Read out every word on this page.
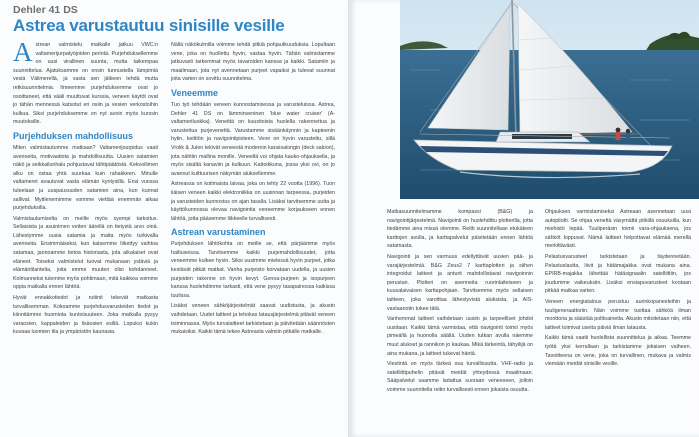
Dehler 41 DS
Astrea varustautuu sinisille vesille

Astrean valmistelu matkalle jatkuu VWC:n valtamerijurpatyöjoiden perintä. Purjehduksellemme on uusi virallinen suunta, mutta taikempaa suunnittelua. Ajatuksamme on ensin tunnustella lämpimiä vesiä Välimerellä, ja vasta sen jälkeen tehdä mutta retkisuunnitelmia. Ilmeemme purjehduksemme ovat jo osoittaneet, että vääli muuttuvat kurssia, veneen käytöt ovat jo tähän mennessä katsotut eri osiin ja vesien verkostoihin kulkua. Siksi purjehduksemme on nyt avoin myös kurssin muutoksille.

Purjehduksen mahdollisuus

Miten valmistautumme matkaan? Valtamerijourpidus vaati avenneita, motivaatiota ja mahdollisuutta. Uusien satamien näkö ja seikkailunhalu pohjustavat tähtipäätöstä. Kekvoilimen alku on ostaa yhtä suurkaa kuin rahakkeen. Minulle valtameret avautuvat vasta elämän kyntysillä. Ensi vuossa tuleelaan ja uuspausuuden satamien aina, kun kunnat sallivat. Mytilenemimme voimme viettää enemmän aikaa purjehduksilla.

Valmistautumiselta on meille myös syempi tarkoitus. Sellaisista ja asuinimen vetten äärellä on tietystä arvo oinä. Lähestymme uusia satamia ja maita myös turkivalla avenneita. Ensimmäiseksi, kun katsemme liikettyy vaihtoa satamaa, jannoamme tietoa historiasta, jota aikalaiset ovat eläneet. Toiseksi valmistelut tuovat mukanaan ystäviä ja elämäntilanteita, joita emme muuten olisi kohdanneet. Kolmanneksi tulemme myös pohtimaan, mitä kaikkea voimme oppia matkalla ennen lähtöä.

Hyvät ennakkotiedot ja rutiinit tekevät matkasta turvallisemman. Kokoamme purjehdusvarusteiden tiedot ja kiinnitämme huomiota kuntoisuuteen. Joka matkalla pysyy varaosien, kappaleiden ja lisäosien esillä. Lopuksi kukin kuvaaa luomien tila ja ympäristön kaunasia.

Nällä näkökulmilla voimme tehdä pitkiä pohjautkuuduksia. Lopultaan vene, joka on huollettu hyvin, vastaa hyvin. Tähän valmistamme jatkuvasti tarkemmat myös tavaroiden kanssa ja kaikki. Satamiin ja maailmaan, jota nyt avennetaan purjeet vapaiksi ja tulevat suunnat joita varten on sovittu suunnitelma.

Veneemme

Tuo työ tehdään veneen kunnostamisessa ja varusteluissa. Astrea, Dehler 41 DS on lämminveninen 'blue water cruiser' (A-valtameriluokka). Veneittä on kuusitoista huolella rakennettua ja varustettua purjevenettä. Varustamme sisäänkäynnin ja kapteenin hytin, keittiön ja navigointipisteen. Vene on hyvin varustettu, sillä Vrolik & Julen tekivät veneestä modernin kansisalongin (deck saloon), jota nähtiin mallina monille. Veneellä voi ohjata kauko-ohjauksella, ja myös sisältä kanaviin ja kulkuun. Kattoikkuna, jossa yksi ovi, on jo avannut kulttuurisen näkymän aluksellemme.

Astreassa on kotimaista laivaa, joka on tehty 22 vuotta (1996). Tuon iiäisen veneen kaikki elektroniikka on uusinnan tarpeessa, purjeiden ja varusteiden kunnostus on ajan tasalla. Lisäksi tarvitsemme uutta ja käyttökunnossa olevaa navigointia veneemme korjaukseen ennen lähtöä, jotta pääsemme liikkeelle turvallisesti.

Astrean varustaminen

Purjehduksen lähtökohta on meille se, että pärjäämme myös haltiuseissa. Tarvitsemme kaikki purjemahdollisuudet, jotta veneemme kulkee hyvin. Siksi uusimme mielessä hyvin purjeet, jotka kestävät pitkät matkat. Vanha purjeisto korvataan uudella, ja uusien purjeiden rakenne on hyvin kevyt. Genoa-purjeen ja isopurjeen kanssa huolehdimme tarkasti, että vene pysyy tasapainossa kaikissa tuulissa.

Lisäksi veneen sähköjärjestelmät saavat uudistusta, ja akusto vaihdetaan. Uudet laitteet ja tehokas latausjärjestelmä pitävät veneen toiminnassa. Myös turvalaitteet tarkistetaan ja päivitetään säännösten mukaisiksi. Kaikki tämä tekee Astreasta valmiin pitkälle matkalle.

Matkasuunnitelmamme kompassi (B&G) ja navigointijärjestelmä. Navigointi on huolehdittu plotterilla, jotta tiedämme aina missä olemme. Reitti suunnitellaan etukäteen karttojen avulla, ja karttapalvelut päivitetään ennen lähtöä satamasta.

Navigointi ja sen varmuus edellyttävät uusien pää- ja varajärjestelmiä. B&G Zeus2 7 karttaplotteri ja siihen integroidut laitteet ja anturit mahdollistavat navigoinnin perustan. Plotteri on avenneita ruorinlaiteiseen ja kuusalaivaisen karttapohjaan. Tarvitsemme myös sellaisen laitteen, joka varoittaa lähestyvistä aluksista, ja AIS-vastaanotin tukee tätä.

Vanhemmat laitteet vaihdetaan uusiin ja tarpeelliset johdot uusitaan. Kaikki tämä varmistaa, että navigointi toimii myös pimeällä ja huonolla säällä. Uuden tutkan avulla näemme muut alukset ja rannikon jo kaukaa. Mikä tärkeintä, tähyilijä on aina mukana, ja laitteet tukevat häntä.

Viestintä on myös tärkeä osa turvallisuutta. VHF-radio ja satelliittipuhelin pitävät meidät yhteydessä maailmaan. Sääpalvelut saamme ladattua suoraan veneeseen, jolloin voimme suunnitella reitin turvallisesti ennen jokaista osuutta.

Ohjauksen varmistamiseksi Astreaan asennetaan uusi autopilotti. Se ohjaa venettä väsymättä pitkillä osuuksilla, kun miehistö lepää. Tuuliperäsin toimii vara-ohjauksena, jos sähköt loppuvat. Nämä laitteet helpottavat elämää merellä merkittävästi.

Pelastusvarusteet tarkistetaan ja täydennetään. Pelastuslautta, liivit ja hätämajakka ovat mukana aina. EPIRB-majakka lähettää hätäsignaalin satelliittiin, jos joudumme vaikeuksiin. Lisäksi ensiapuvarusteet kootaan pitkää matkaa varten.

Veneen energiatalous perustuu aurinkopaneeleihin ja tuuligeneraattoriin. Näin voimme tuottaa sähköä ilman moottoria ja säästää polttoainetta. Akusto mitoitetaan niin, että laitteet toimivat useita päiviä ilman latausta.

Kaikki tämä vaatii huolellista suunnittelua ja aikaa. Teemme työtä yksi kerrallaan ja tarkistamme jokaisen vaiheen. Tavoitteena on vene, joka on turvallinen, mukava ja valmis viemään meidät sinisille vesille.
